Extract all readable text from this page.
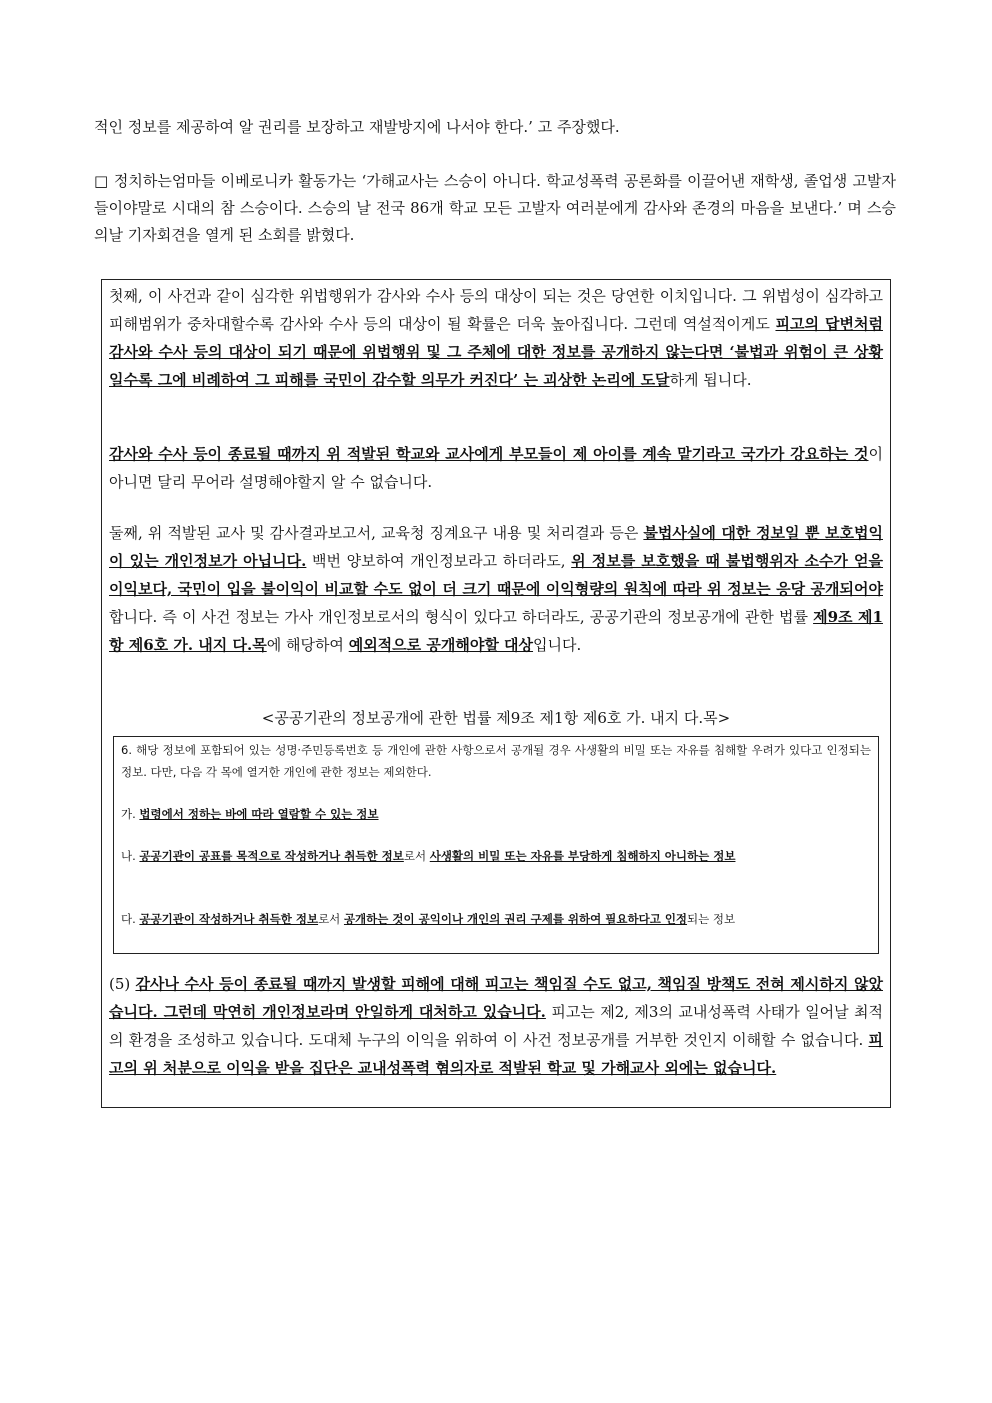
적인 정보를 제공하여 알 권리를 보장하고 재발방지에 나서야 한다.’ 고 주장했다.
□ 정치하는엄마들 이베로니카 활동가는 ‘가해교사는 스승이 아니다. 학교성폭력 공론화를 이끌어낸 재학생, 졸업생 고발자들이야말로 시대의 참 스승이다. 스승의 날 전국 86개 학교 모든 고발자 여러분에게 감사와 존경의 마음을 보낸다.’ 며 스승의날 기자회견을 열게 된 소회를 밝혔다.
첫째, 이 사건과 같이 심각한 위법행위가 감사와 수사 등의 대상이 되는 것은 당연한 이치입니다. 그 위법성이 심각하고 피해범위가 중차대할수록 감사와 수사 등의 대상이 될 확률은 더욱 높아집니다. 그런데 역설적이게도 피고의 답변처럼 감사와 수사 등의 대상이 되기 때문에 위법행위 및 그 주체에 대한 정보를 공개하지 않는다면 ‘불법과 위험이 큰 상황일수록 그에 비례하여 그 피해를 국민이 감수할 의무가 커진다’ 는 괴상한 논리에 도달하게 됩니다.
감사와 수사 등이 종료될 때까지 위 적발된 학교와 교사에게 부모들이 제 아이를 계속 맡기라고 국가가 강요하는 것이 아니면 달리 무어라 설명해야할지 알 수 없습니다.
둘째, 위 적발된 교사 및 감사결과보고서, 교육청 징계요구 내용 및 처리결과 등은 불법사실에 대한 정보일 뿐 보호법익이 있는 개인정보가 아닙니다. 백번 양보하여 개인정보라고 하더라도, 위 정보를 보호했을 때 불법행위자 소수가 얻을 이익보다, 국민이 입을 불이익이 비교할 수도 없이 더 크기 때문에 이익형량의 원칙에 따라 위 정보는 응당 공개되어야 합니다. 즉 이 사건 정보는 가사 개인정보로서의 형식이 있다고 하더라도, 공공기관의 정보공개에 관한 법률 제9조 제1항 제6호 가. 내지 다.목에 해당하여 예외적으로 공개해야할 대상입니다.
<공공기관의 정보공개에 관한 법률 제9조 제1항 제6호 가. 내지 다.목>
6. 해당 정보에 포함되어 있는 성명·주민등록번호 등 개인에 관한 사항으로서 공개될 경우 사생활의 비밀 또는 자유를 침해할 우려가 있다고 인정되는 정보. 다만, 다음 각 목에 열거한 개인에 관한 정보는 제외한다.
가. 법령에서 정하는 바에 따라 열람할 수 있는 정보
나. 공공기관이 공표를 목적으로 작성하거나 취득한 정보로서 사생활의 비밀 또는 자유를 부당하게 침해하지 아니하는 정보
다. 공공기관이 작성하거나 취득한 정보로서 공개하는 것이 공익이나 개인의 권리 구제를 위하여 필요하다고 인정되는 정보
(5) 감사나 수사 등이 종료될 때까지 발생할 피해에 대해 피고는 책임질 수도 없고, 책임질 방책도 전혀 제시하지 않았습니다. 그런데 막연히 개인정보라며 안일하게 대처하고 있습니다. 피고는 제2, 제3의 교내성폭력 사태가 일어날 최적의 환경을 조성하고 있습니다. 도대체 누구의 이익을 위하여 이 사건 정보공개를 거부한 것인지 이해할 수 없습니다. 피고의 위 처분으로 이익을 받을 집단은 교내성폭력 혐의자로 적발된 학교 및 가해교사 외에는 없습니다.
